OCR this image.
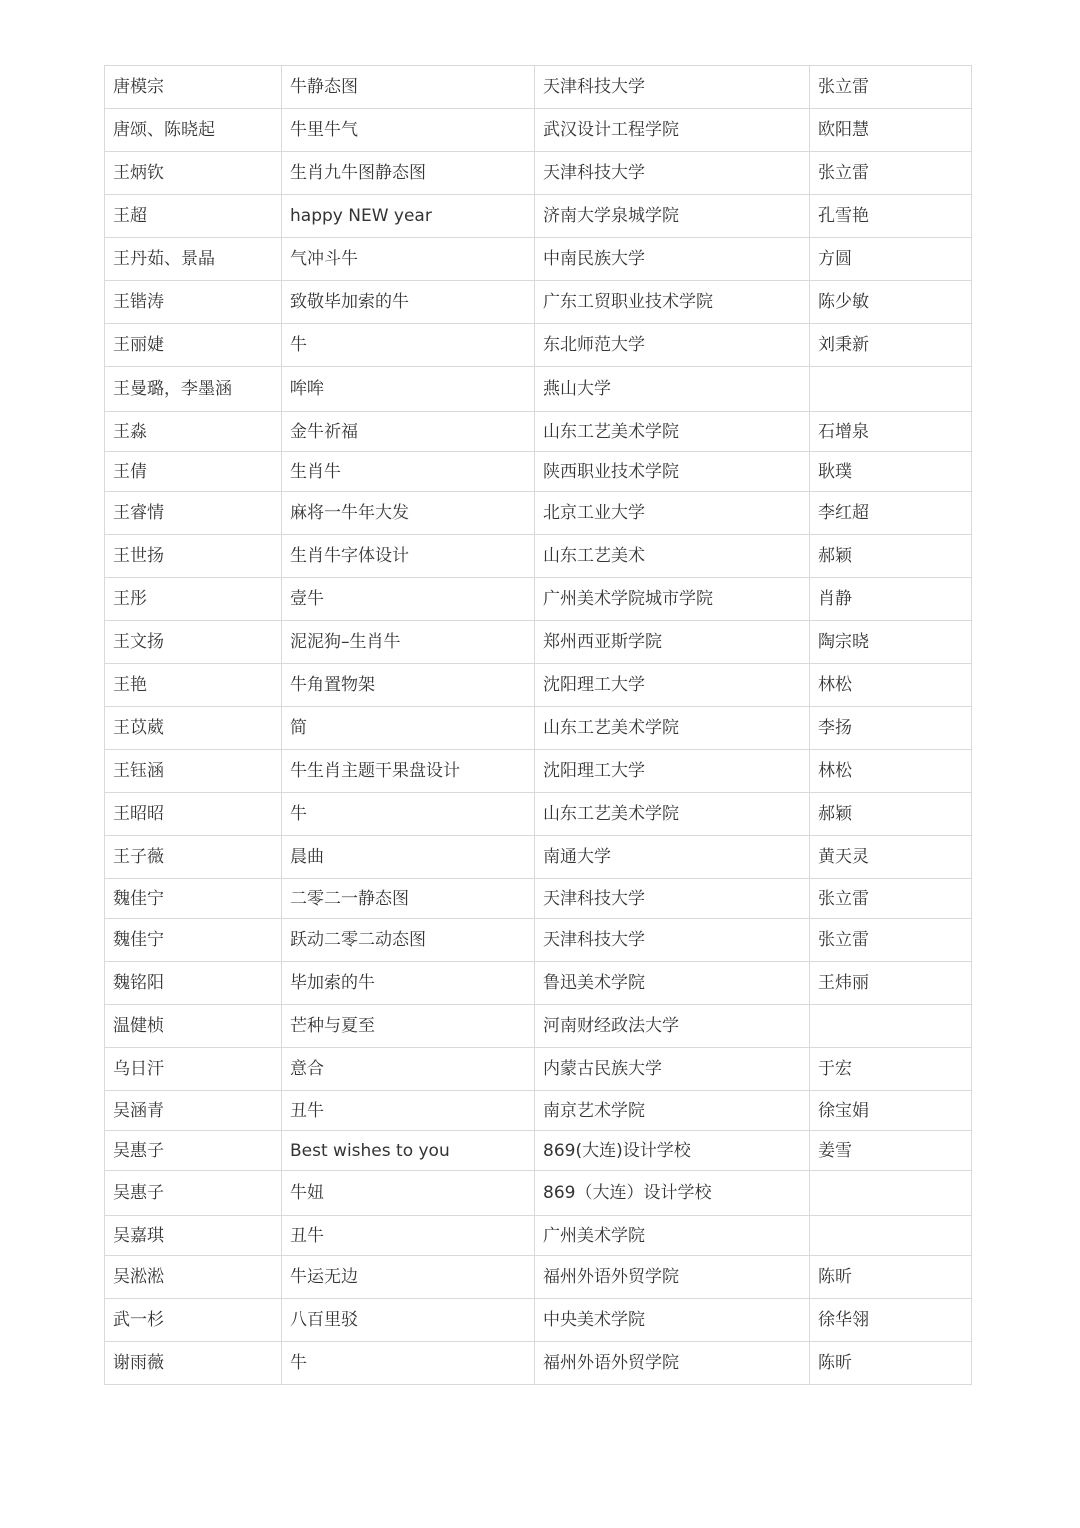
唐模宗	牛静态图	天津科技大学	张立雷
唐颂、陈晓起	牛里牛气	武汉设计工程学院	欧阳慧
王炳钦	生肖九牛图静态图	天津科技大学	张立雷
王超	happy NEW year	济南大学泉城学院	孔雪艳
王丹茹、景晶	气冲斗牛	中南民族大学	方圆
王锴涛	致敬毕加索的牛	广东工贸职业技术学院	陈少敏
王丽婕	牛	东北师范大学	刘秉新
王曼璐，李墨涵	哞哞	燕山大学	
王淼	金牛祈福	山东工艺美术学院	石增泉
王倩	生肖牛	陕西职业技术学院	耿璞
王睿情	麻将一牛年大发	北京工业大学	李红超
王世扬	生肖牛字体设计	山东工艺美术	郝颖
王彤	壹牛	广州美术学院城市学院	肖静
王文扬	泥泥狗–生肖牛	郑州西亚斯学院	陶宗晓
王艳	牛角置物架	沈阳理工大学	林松
王苡葳	简	山东工艺美术学院	李扬
王钰涵	牛生肖主题干果盘设计	沈阳理工大学	林松
王昭昭	牛	山东工艺美术学院	郝颖
王子薇	晨曲	南通大学	黄天灵
魏佳宁	二零二一静态图	天津科技大学	张立雷
魏佳宁	跃动二零二动态图	天津科技大学	张立雷
魏铭阳	毕加索的牛	鲁迅美术学院	王炜丽
温健桢	芒种与夏至	河南财经政法大学	
乌日汗	意合	内蒙古民族大学	于宏
吴涵青	丑牛	南京艺术学院	徐宝娟
吴惠子	Best wishes to you	869(大连)设计学校	姜雪
吴惠子	牛妞	869（大连）设计学校	
吴嘉琪	丑牛	广州美术学院	
吴淞淞	牛运无边	福州外语外贸学院	陈昕
武一杉	八百里驳	中央美术学院	徐华翎
谢雨薇	牛	福州外语外贸学院	陈昕
